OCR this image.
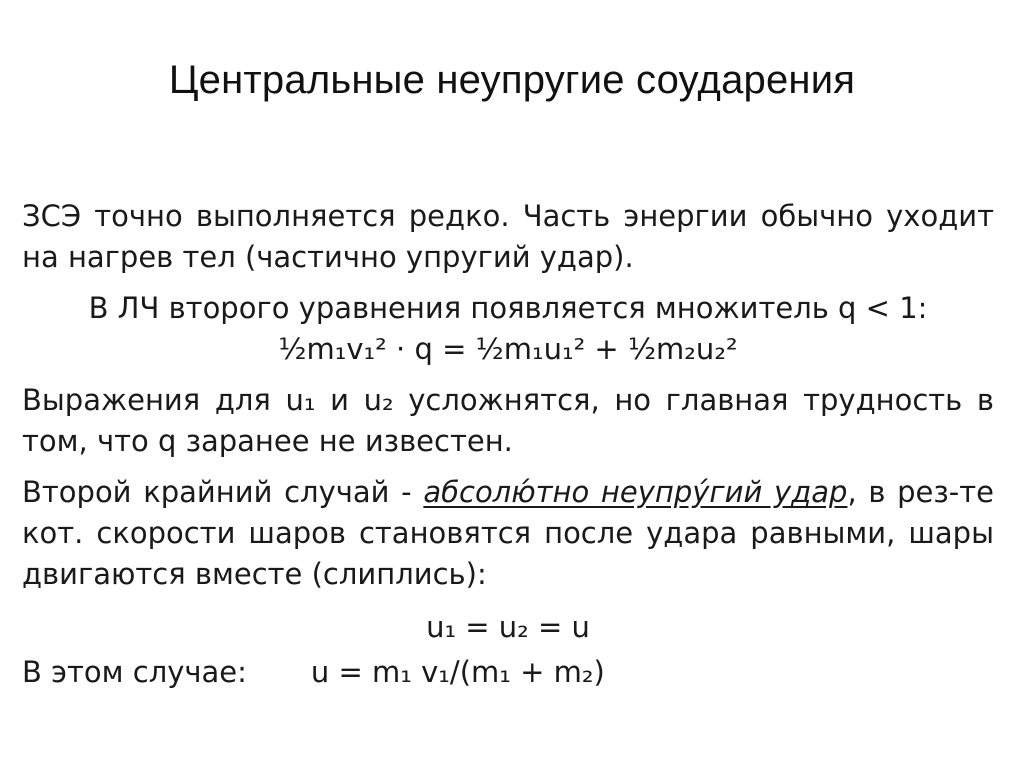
Центральные неупругие соударения

ЗСЭ точно выполняется редко. Часть энергии обычно уходит на нагрев тел (частично упругий удар).

В ЛЧ второго уравнения появляется множитель q < 1:
½m₁v₁² · q = ½m₁u₁² + ½m₂u₂²

Выражения для u₁ и u₂ усложнятся, но главная трудность в том, что q заранее не известен.

Второй крайний случай - абсолю́тно неупру́гий удар, в рез-те кот. скорости шаров становятся после удара равными, шары двигаются вместе (слиплись):

u₁ = u₂ = u
В этом случае: u = m₁ v₁/(m₁ + m₂)
